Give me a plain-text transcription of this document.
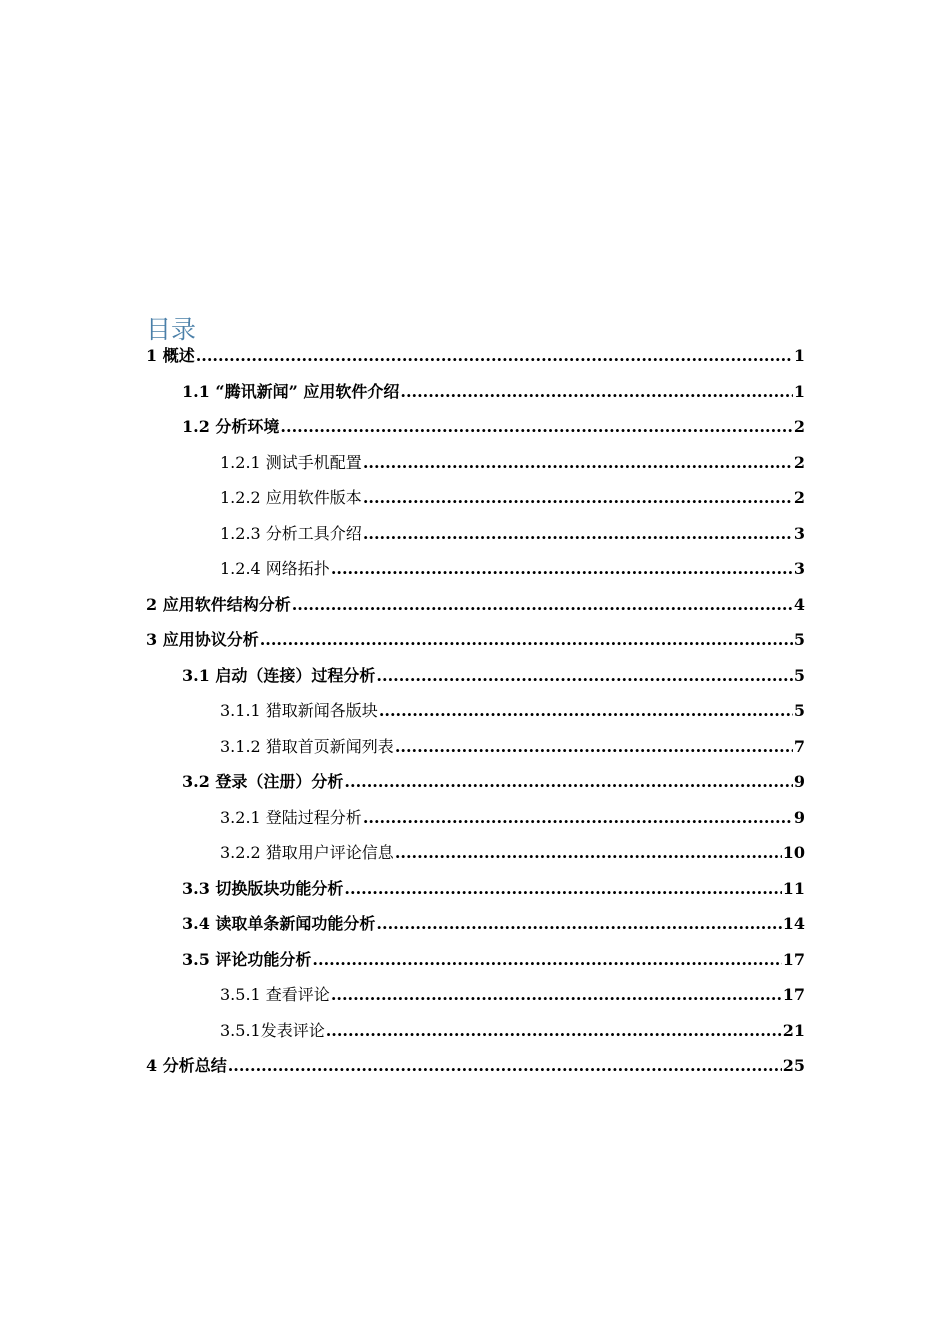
目录
1 概述 .....	1
1.1 “腾讯新闻” 应用软件介绍 .....	1
1.2 分析环境 .....	2
1.2.1 测试手机配置 .....	2
1.2.2 应用软件版本 .....	2
1.2.3 分析工具介绍 .....	3
1.2.4 网络拓扑 .....	3
2 应用软件结构分析 .....	4
3 应用协议分析 .....	5
3.1 启动（连接）过程分析 .....	5
3.1.1 猎取新闻各版块 .....	5
3.1.2 猎取首页新闻列表 .....	7
3.2 登录（注册）分析 .....	9
3.2.1 登陆过程分析 .....	9
3.2.2 猎取用户评论信息 .....	10
3.3 切换版块功能分析 .....	11
3.4 读取单条新闻功能分析 .....	14
3.5 评论功能分析 .....	17
3.5.1 查看评论 .....	17
3.5.1发表评论 .....	21
4 分析总结 .....	25
